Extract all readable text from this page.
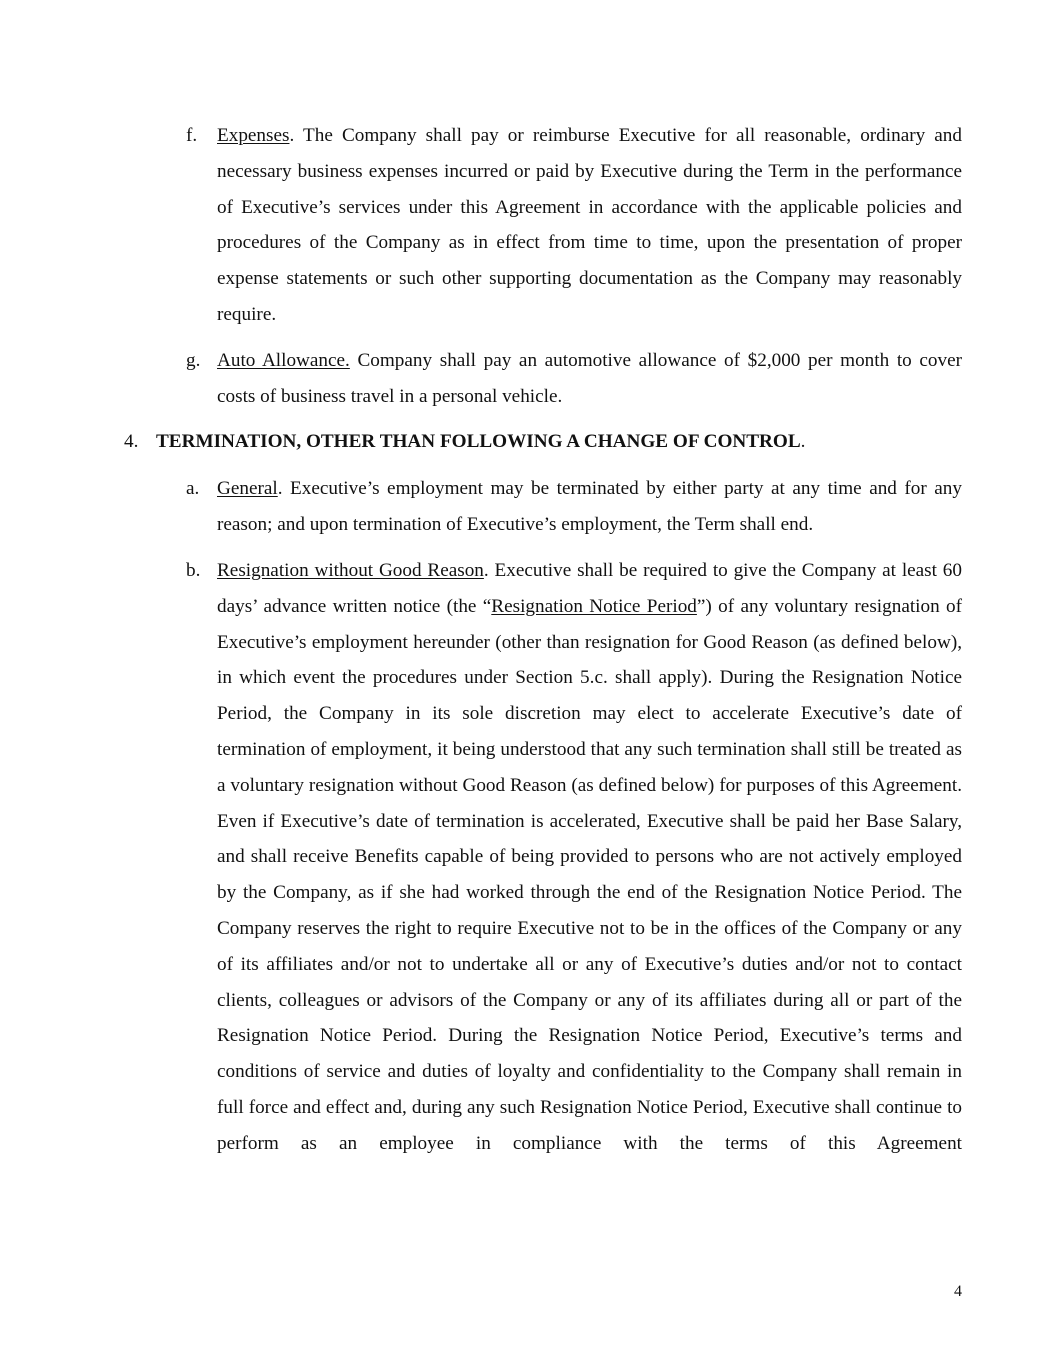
f. Expenses. The Company shall pay or reimburse Executive for all reasonable, ordinary and necessary business expenses incurred or paid by Executive during the Term in the performance of Executive’s services under this Agreement in accordance with the applicable policies and procedures of the Company as in effect from time to time, upon the presentation of proper expense statements or such other supporting documentation as the Company may reasonably require.
g. Auto Allowance. Company shall pay an automotive allowance of $2,000 per month to cover costs of business travel in a personal vehicle.
4. TERMINATION, OTHER THAN FOLLOWING A CHANGE OF CONTROL.
a. General. Executive’s employment may be terminated by either party at any time and for any reason; and upon termination of Executive’s employment, the Term shall end.
b. Resignation without Good Reason. Executive shall be required to give the Company at least 60 days’ advance written notice (the “Resignation Notice Period”) of any voluntary resignation of Executive’s employment hereunder (other than resignation for Good Reason (as defined below), in which event the procedures under Section 5.c. shall apply). During the Resignation Notice Period, the Company in its sole discretion may elect to accelerate Executive’s date of termination of employment, it being understood that any such termination shall still be treated as a voluntary resignation without Good Reason (as defined below) for purposes of this Agreement. Even if Executive’s date of termination is accelerated, Executive shall be paid her Base Salary, and shall receive Benefits capable of being provided to persons who are not actively employed by the Company, as if she had worked through the end of the Resignation Notice Period. The Company reserves the right to require Executive not to be in the offices of the Company or any of its affiliates and/or not to undertake all or any of Executive’s duties and/or not to contact clients, colleagues or advisors of the Company or any of its affiliates during all or part of the Resignation Notice Period. During the Resignation Notice Period, Executive’s terms and conditions of service and duties of loyalty and confidentiality to the Company shall remain in full force and effect and, during any such Resignation Notice Period, Executive shall continue to perform as an employee in compliance with the terms of this Agreement
4
